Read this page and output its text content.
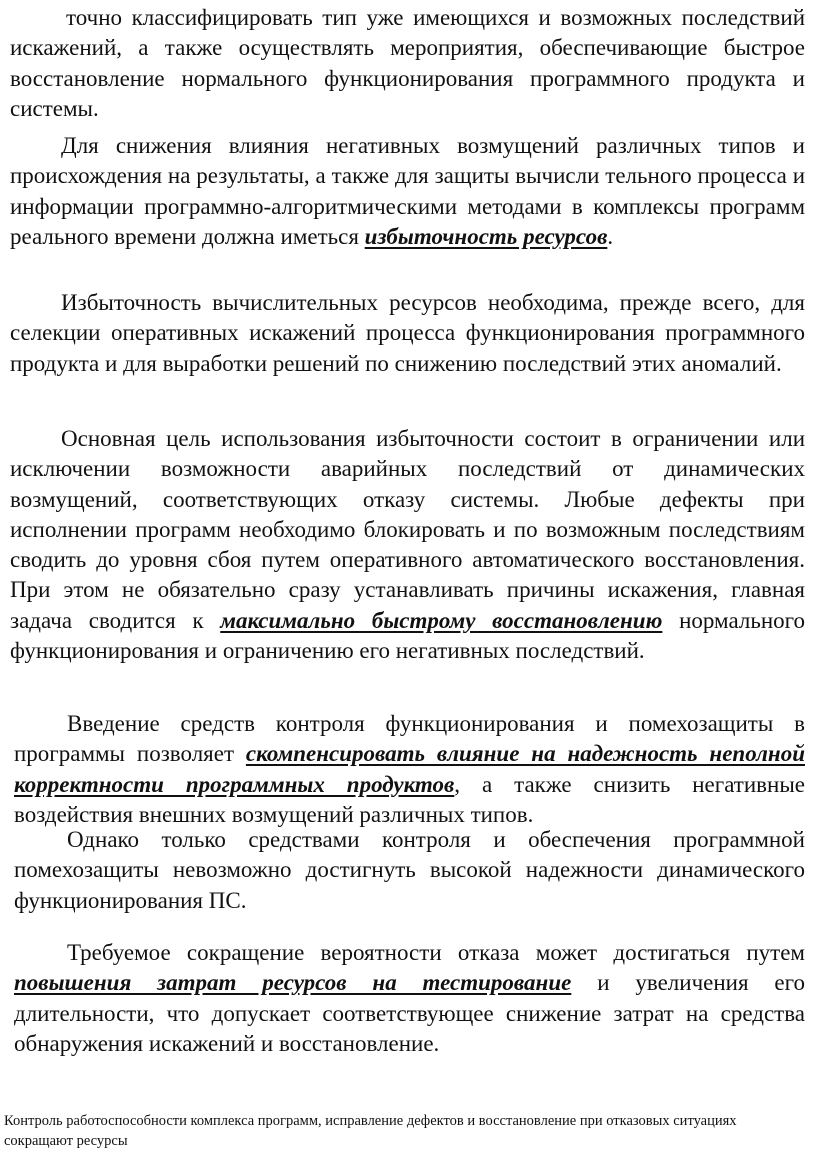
точно классифицировать тип уже имеющихся и возможных последствий искажений, а также осуществлять мероприятия, обеспечивающие быстрое восстановление нормального функционирования программного продукта и системы.

Для снижения влияния негативных возмущений различных типов и происхождения на результаты, а также для защиты вычисли тельного процесса и информации программно-алгоритмическими методами в комплексы программ реального времени должна иметься избыточность ресурсов.

Избыточность вычислительных ресурсов необходима, прежде всего, для селекции оперативных искажений процесса функционирования программного продукта и для выработки решений по снижению последствий этих аномалий.

Основная цель использования избыточности состоит в ограничении или исключении возможности аварийных последствий от динамических возмущений, соответствующих отказу системы. Любые дефекты при исполнении программ необходимо блокировать и по возможным последствиям сводить до уровня сбоя путем оперативного автоматического восстановления. При этом не обязательно сразу устанавливать причины искажения, главная задача сводится к максимально быстрому восстановлению нормального функционирования и ограничению его негативных последствий.

Введение средств контроля функционирования и помехозащиты в программы позволяет скомпенсировать влияние на надежность неполной корректности программных продуктов, а также снизить негативные воздействия внешних возмущений различных типов.

Однако только средствами контроля и обеспечения программной помехозащиты невозможно достигнуть высокой надежности динамического функционирования ПС.

Требуемое сокращение вероятности отказа может достигаться путем повышения затрат ресурсов на тестирование и увеличения его длительности, что допускает соответствующее снижение затрат на средства обнаружения искажений и восстановление.

Контроль работоспособности комплекса программ, исправление дефектов и восстановление при отказовых ситуациях сокращают ресурсы
